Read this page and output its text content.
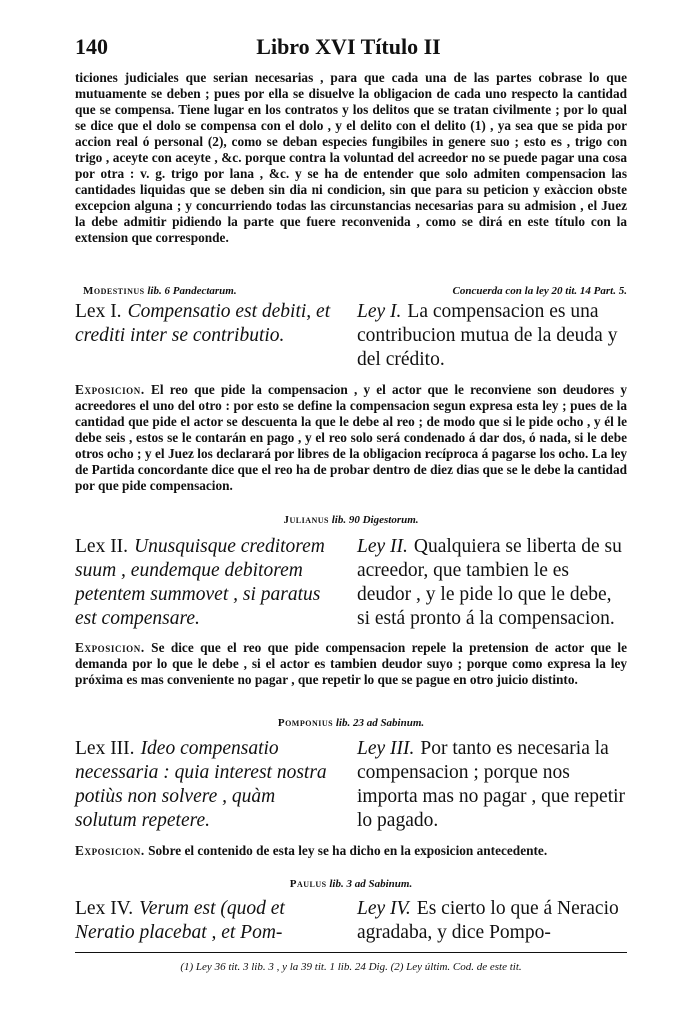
140	Libro XVI Título II
ticiones judiciales que serian necesarias , para que cada una de las partes cobrase lo que mutuamente se deben ; pues por ella se disuelve la obligacion de cada uno respecto la cantidad que se compensa. Tiene lugar en los contratos y los delitos que se tratan civilmente ; por lo qual se dice que el dolo se compensa con el dolo , y el delito con el delito (1) , ya sea que se pida por accion real ó personal (2), como se deban especies fungibiles in genere suo ; esto es , trigo con trigo , aceyte con aceyte , &c. porque contra la voluntad del acreedor no se puede pagar una cosa por otra : v. g. trigo por lana , &c. y se ha de entender que solo admiten compensacion las cantidades liquidas que se deben sin dia ni condicion, sin que para su peticion y exàccion obste excepcion alguna ; y concurriendo todas las circunstancias necesarias para su admision , el Juez la debe admitir pidiendo la parte que fuere reconvenida , como se dirá en este título con la extension que corresponde.
Modestinus lib. 6 Pandectarum.	Concuerda con la ley 20 tit. 14 Part. 5.
Lex I. Compensatio est debiti, et crediti inter se contributio.
Ley I. La compensacion es una contribucion mutua de la deuda y del crédito.
Exposicion. El reo que pide la compensacion , y el actor que le reconviene son deudores y acreedores el uno del otro : por esto se define la compensacion segun expresa esta ley ; pues de la cantidad que pide el actor se descuenta la que le debe al reo ; de modo que si le pide ocho , y él le debe seis , estos se le contarán en pago , y el reo solo será condenado á dar dos, ó nada, si le debe otros ocho ; y el Juez los declarará por libres de la obligacion recíproca á pagarse los ocho. La ley de Partida concordante dice que el reo ha de probar dentro de diez dias que se le debe la cantidad por que pide compensacion.
Julianus lib. 90 Digestorum.
Lex II. Unusquisque creditorem suum , eundemque debitorem petentem summovet , si paratus est compensare.
Ley II. Qualquiera se liberta de su acreedor, que tambien le es deudor , y le pide lo que le debe, si está pronto á la compensacion.
Exposicion. Se dice que el reo que pide compensacion repele la pretension de actor que le demanda por lo que le debe , si el actor es tambien deudor suyo ; porque como expresa la ley próxima es mas conveniente no pagar , que repetir lo que se pague en otro juicio distinto.
Pomponius lib. 23 ad Sabinum.
Lex III. Ideo compensatio necessaria : quia interest nostra potiùs non solvere , quàm solutum repetere.
Ley III. Por tanto es necesaria la compensacion ; porque nos importa mas no pagar , que repetir lo pagado.
Exposicion. Sobre el contenido de esta ley se ha dicho en la exposicion antecedente.
Paulus lib. 3 ad Sabinum.
Lex IV. Verum est (quod et Neratio placebat , et Pom-
Ley IV. Es cierto lo que á Neracio agradaba, y dice Pompo-
(1) Ley 36 tit. 3 lib. 3 , y la 39 tit. 1 lib. 24 Dig. (2) Ley últim. Cod. de este tit.
